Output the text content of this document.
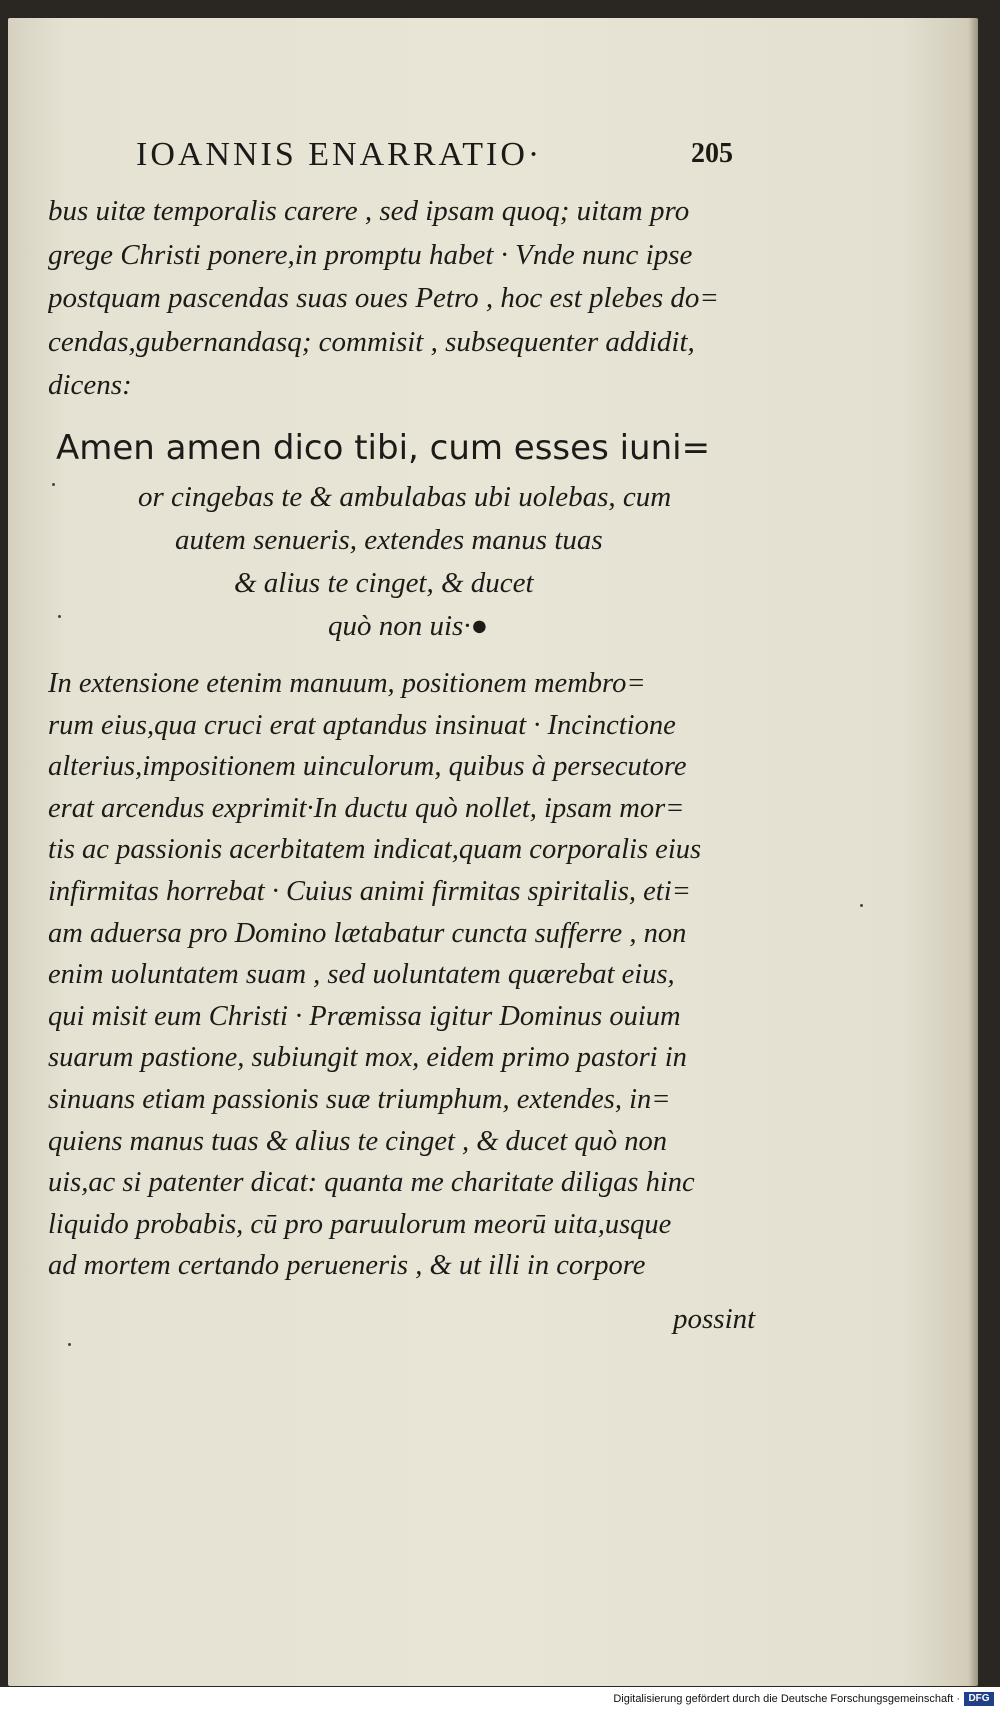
IOANNIS ENARRATIO·	205
bus uitæ temporalis carere , sed ipsam quoq; uitam pro
grege Christi ponere,in promptu habet · Vnde nunc ipse
postquam pascendas suas oues Petro , hoc est plebes do=
cendas,gubernandasq; commisit , subsequenter addidit,
dicens:
Amen amen dico tibi, cum esses iuni=
or cingebas te & ambulabas ubi uolebas, cum
autem senueris, extendes manus tuas
& alius te cinget, & ducet
quò non uis·●
In extensione etenim manuum, positionem membro=
rum eius,qua cruci erat aptandus insinuat · Incinctione
alterius,impositionem uinculorum, quibus à persecutore
erat arcendus exprimit·In ductu quò nollet, ipsam mor=
tis ac passionis acerbitatem indicat,quam corporalis eius
infirmitas horrebat · Cuius animi firmitas spiritalis, eti=
am aduersa pro Domino lætabatur cuncta sufferre , non
enim uoluntatem suam , sed uoluntatem quærebat eius,
qui misit eum Christi · Præmissa igitur Dominus ouium
suarum pastione, subiungit mox, eidem primo pastori in
sinuans etiam passionis suæ triumphum, extendes, in=
quiens manus tuas & alius te cinget , & ducet quò non
uis,ac si patenter dicat: quanta me charitate diligas hinc
liquido probabis, cū pro paruulorum meorū uita,usque
ad mortem certando perueneris , & ut illi in corpore
possint
Digitalisierung gefördert durch die Deutsche Forschungsgemeinschaft · DFG
